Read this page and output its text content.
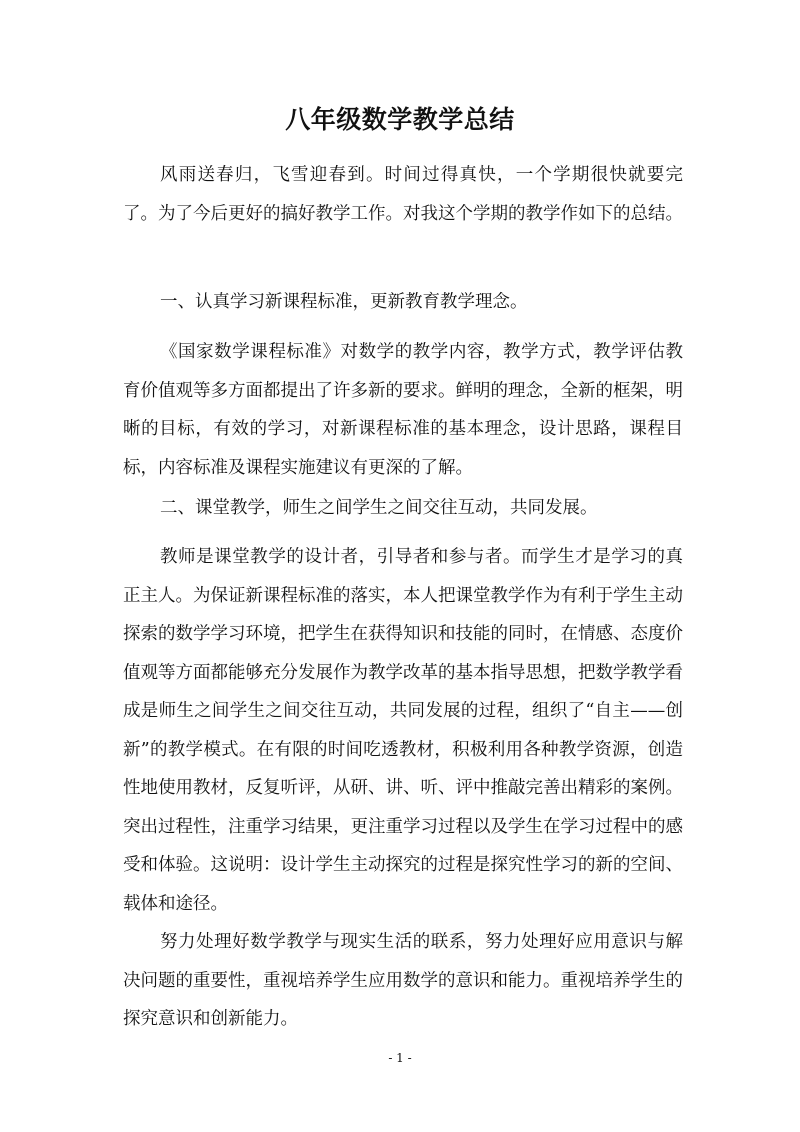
八年级数学教学总结

风雨送春归，飞雪迎春到。时间过得真快，一个学期很快就要完了。为了今后更好的搞好教学工作。对我这个学期的教学作如下的总结。

一、认真学习新课程标准，更新教育教学理念。

《国家数学课程标准》对数学的教学内容，教学方式，教学评估教育价值观等多方面都提出了许多新的要求。鲜明的理念，全新的框架，明晰的目标，有效的学习，对新课程标准的基本理念，设计思路，课程目标，内容标准及课程实施建议有更深的了解。

二、课堂教学，师生之间学生之间交往互动，共同发展。

教师是课堂教学的设计者，引导者和参与者。而学生才是学习的真正主人。为保证新课程标准的落实，本人把课堂教学作为有利于学生主动探索的数学学习环境，把学生在获得知识和技能的同时，在情感、态度价值观等方面都能够充分发展作为教学改革的基本指导思想，把数学教学看成是师生之间学生之间交往互动，共同发展的过程，组织了“自主——创新”的教学模式。在有限的时间吃透教材，积极利用各种教学资源，创造性地使用教材，反复听评，从研、讲、听、评中推敲完善出精彩的案例。突出过程性，注重学习结果，更注重学习过程以及学生在学习过程中的感受和体验。这说明：设计学生主动探究的过程是探究性学习的新的空间、载体和途径。

努力处理好数学教学与现实生活的联系，努力处理好应用意识与解决问题的重要性，重视培养学生应用数学的意识和能力。重视培养学生的探究意识和创新能力。

- 1 -
